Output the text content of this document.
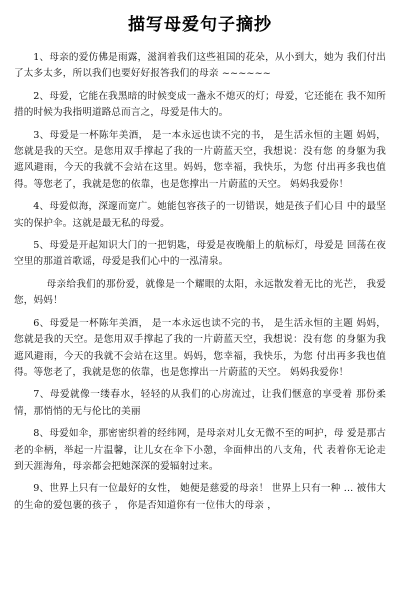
描写母爱句子摘抄

1、母亲的爱仿佛是雨露，滋润着我们这些祖国的花朵，从小到大，她为 我们付出了太多太多，所以我们也要好好报答我们的母亲 ~~~~~~

2、母爱，它能在我黑暗的时候变成一盏永不熄灭的灯；母爱，它还能在 我不知所措的时候为我指明道路总而言之，母爱是伟大的。

3、母爱是一杯陈年美酒， 是一本永远也读不完的书， 是生活永恒的主题 妈妈，您就是我的天空。是您用双手撑起了我的一片蔚蓝天空，我想说：没有您 的身躯为我遮风避雨，今天的我就不会站在这里。妈妈，您幸福，我快乐，为您 付出再多我也值得。等您老了，我就是您的依靠，也是您撑出一片蔚蓝的天空。 妈妈我爱你！

4、母爱似海，深邃而宽广。她能包容孩子的一切错误，她是孩子们心目 中的最坚实的保护伞。这就是最无私的母爱。

5、母爱是开起知识大门的一把钥匙，母爱是夜晚船上的航标灯，母爱是 回荡在夜空里的那道首歌谣，母爱是我们心中的一泓清泉。

母亲给我们的那份爱，就像是一个耀眼的太阳，永远散发着无比的光芒， 我爱您，妈妈！

6、母爱是一杯陈年美酒， 是一本永远也读不完的书， 是生活永恒的主题 妈妈，您就是我的天空。是您用双手撑起了我的一片蔚蓝天空，我想说：没有您 的身躯为我遮风避雨，今天的我就不会站在这里。妈妈，您幸福，我快乐，为您 付出再多我也值得。等您老了，我就是您的依靠，也是您撑出一片蔚蓝的天空。 妈妈我爱你！

7、母爱就像一缕春水，轻轻的从我们的心房流过，让我们惬意的享受着 那份柔情，那悄悄的无与伦比的美丽

8、母爱如伞，那密密织着的经纬网，是母亲对儿女无微不至的呵护，母 爱是那古老的伞柄，举起一片温馨，让儿女在伞下小憩，伞面伸出的八支角，代 表着你无论走到天涯海角，母亲都会把她深深的爱辐射过来。

9、世界上只有一位最好的女性， 她便是慈爱的母亲！ 世界上只有一种 ... 被伟大的生命的爱包裹的孩子 ， 你是否知道你有一位伟大的母亲 ，
